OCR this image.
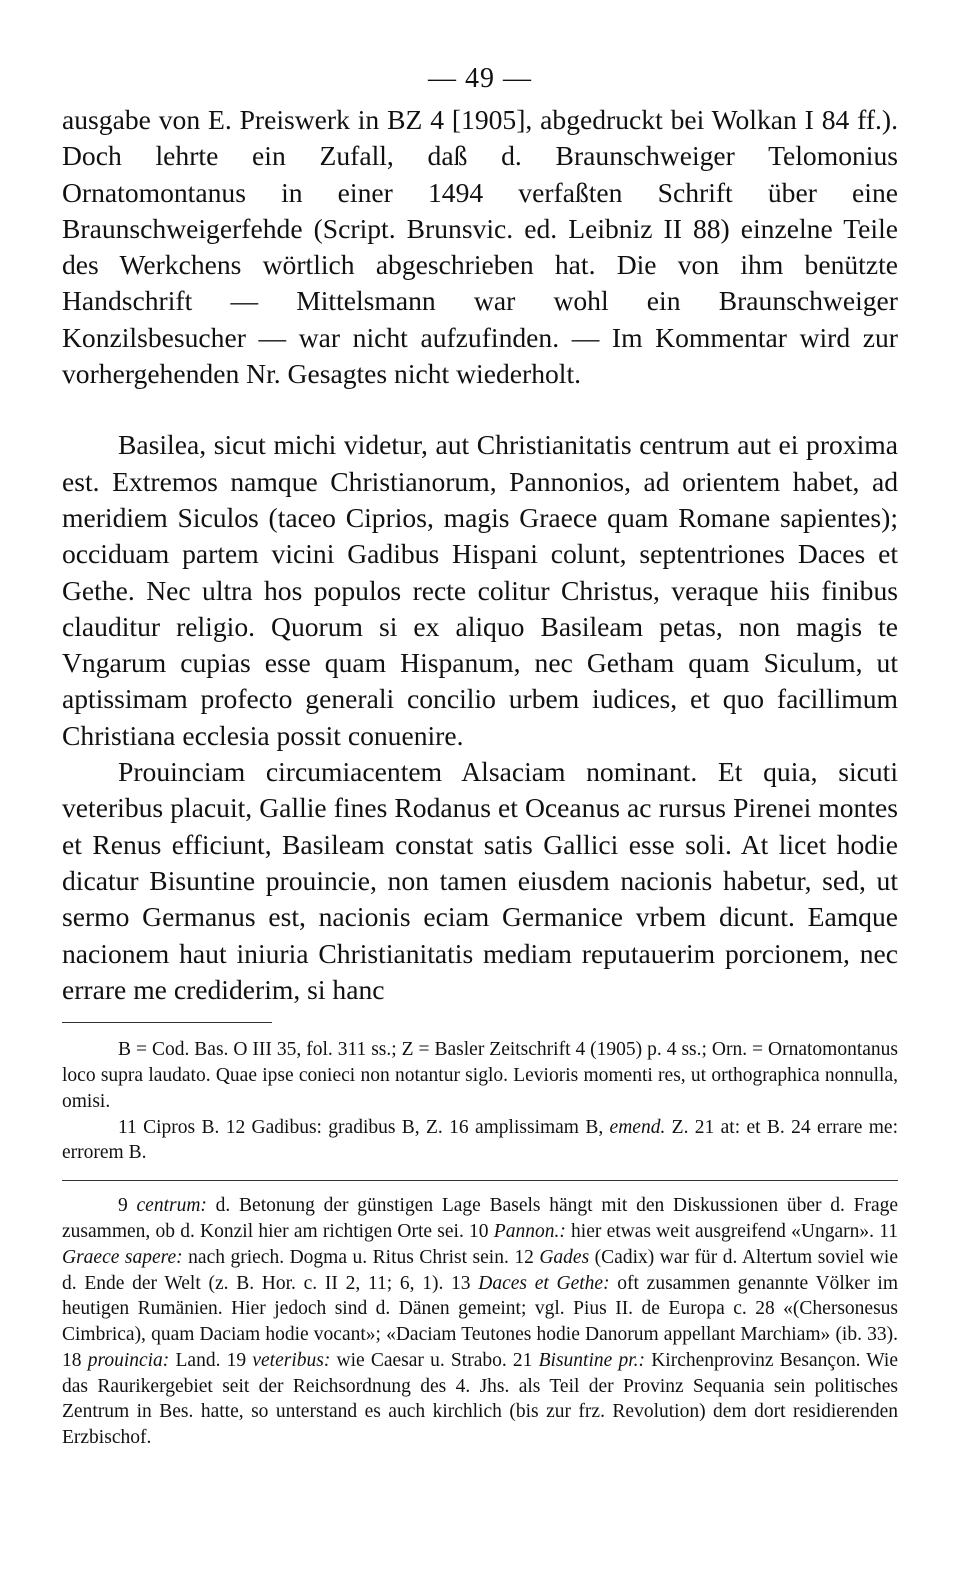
— 49 —

ausgabe von E. Preiswerk in BZ 4 [1905], abgedruckt bei Wolkan I 84 ff.). Doch lehrte ein Zufall, daß d. Braunschweiger Telomonius Ornatomontanus in einer 1494 verfaßten Schrift über eine Braunschweigerfehde (Script. Brunsvic. ed. Leibniz II 88) einzelne Teile des Werkchens wörtlich abgeschrieben hat. Die von ihm benützte Handschrift — Mittelsmann war wohl ein Braunschweiger Konzilsbesucher — war nicht aufzufinden. — Im Kommentar wird zur vorhergehenden Nr. Gesagtes nicht wiederholt.

Basilea, sicut michi videtur, aut Christianitatis centrum aut ei proxima est. Extremos namque Christianorum, Pannonios, ad orientem habet, ad meridiem Siculos (taceo Ciprios, magis Graece quam Romane sapientes); occiduam partem vicini Gadibus Hispani colunt, septentriones Daces et Gethe. Nec ultra hos populos recte colitur Christus, veraque hiis finibus clauditur religio. Quorum si ex aliquo Basileam petas, non magis te Vngarum cupias esse quam Hispanum, nec Getham quam Siculum, ut aptissimam profecto generali concilio urbem iudices, et quo facillimum Christiana ecclesia possit conuenire.

Prouinciam circumiacentem Alsaciam nominant. Et quia, sicuti veteribus placuit, Gallie fines Rodanus et Oceanus ac rursus Pirenei montes et Renus efficiunt, Basileam constat satis Gallici esse soli. At licet hodie dicatur Bisuntine prouincie, non tamen eiusdem nacionis habetur, sed, ut sermo Germanus est, nacionis eciam Germanice vrbem dicunt. Eamque nacionem haut iniuria Christianitatis mediam reputauerim porcionem, nec errare me crediderim, si hanc

B = Cod. Bas. O III 35, fol. 311 ss.; Z = Basler Zeitschrift 4 (1905) p. 4 ss.; Orn. = Ornatomontanus loco supra laudato. Quae ipse conieci non notantur siglo. Levioris momenti res, ut orthographica nonnulla, omisi.

11 Cipros B. 12 Gadibus: gradibus B, Z. 16 amplissimam B, emend. Z. 21 at: et B. 24 errare me: errorem B.

9 centrum: d. Betonung der günstigen Lage Basels hängt mit den Diskussionen über d. Frage zusammen, ob d. Konzil hier am richtigen Orte sei. 10 Pannon.: hier etwas weit ausgreifend «Ungarn». 11 Graece sapere: nach griech. Dogma u. Ritus Christ sein. 12 Gades (Cadix) war für d. Altertum soviel wie d. Ende der Welt (z. B. Hor. c. II 2, 11; 6, 1). 13 Daces et Gethe: oft zusammen genannte Völker im heutigen Rumänien. Hier jedoch sind d. Dänen gemeint; vgl. Pius II. de Europa c. 28 «(Chersonesus Cimbrica), quam Daciam hodie vocant»; «Daciam Teutones hodie Danorum appellant Marchiam» (ib. 33). 18 prouincia: Land. 19 veteribus: wie Caesar u. Strabo. 21 Bisuntine pr.: Kirchenprovinz Besançon. Wie das Raurikergebiet seit der Reichsordnung des 4. Jhs. als Teil der Provinz Sequania sein politisches Zentrum in Bes. hatte, so unterstand es auch kirchlich (bis zur frz. Revolution) dem dort residierenden Erzbischof.
